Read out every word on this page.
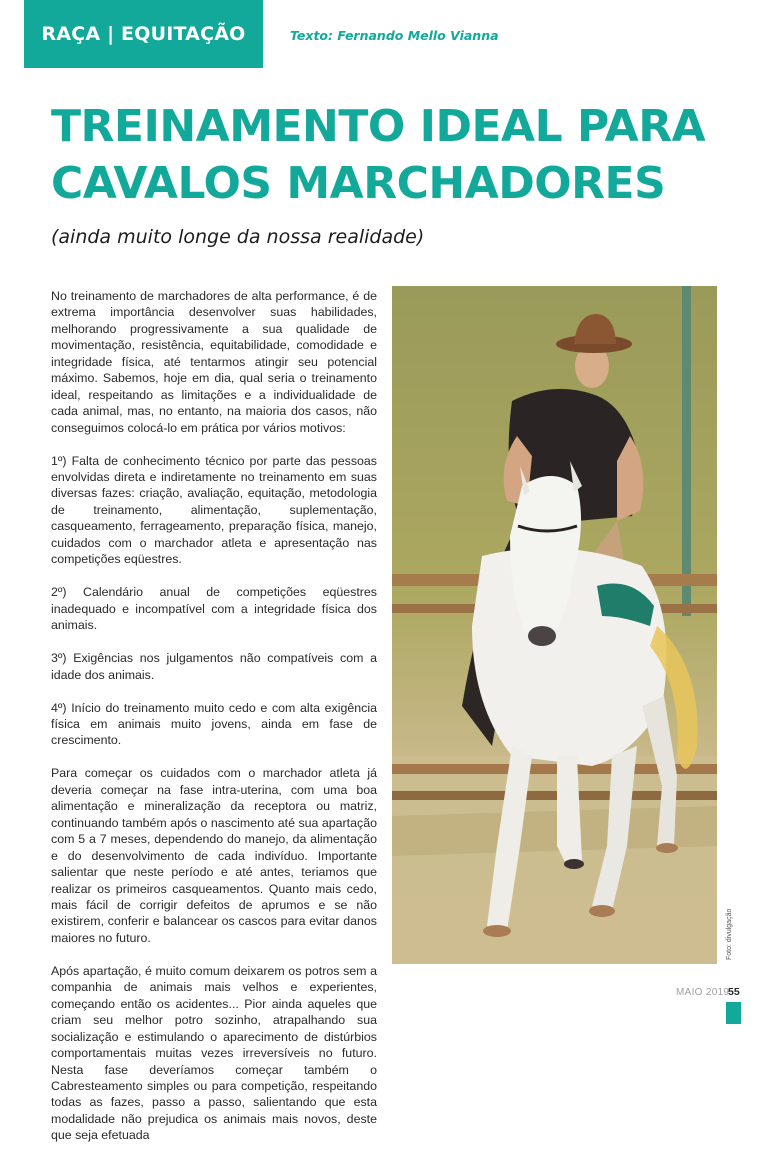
RAÇA | EQUITAÇÃO	Texto: Fernando Mello Vianna
TREINAMENTO IDEAL PARA
CAVALOS MARCHADORES
(ainda muito longe da nossa realidade)

No treinamento de marchadores de alta performance, é de extrema importância desenvolver suas habilidades, melhorando progressivamente a sua qualidade de movimentação, resistência, equitabilidade, comodidade e integridade física, até tentarmos atingir seu potencial máximo. Sabemos, hoje em dia, qual seria o treinamento ideal, respeitando as limitações e a individualidade de cada animal, mas, no entanto, na maioria dos casos, não conseguimos colocá-lo em prática por vários motivos:

1º) Falta de conhecimento técnico por parte das pessoas envolvidas direta e indiretamente no treinamento em suas diversas fazes: criação, avaliação, equitação, metodologia de treinamento, alimentação, suplementação, casqueamento, ferrageamento, preparação física, manejo, cuidados com o marchador atleta e apresentação nas competições eqüestres.

2º) Calendário anual de competições eqüestres inadequado e incompatível com a integridade física dos animais.

3º) Exigências nos julgamentos não compatíveis com a idade dos animais.

4º) Início do treinamento muito cedo e com alta exigência física em animais muito jovens, ainda em fase de crescimento.

Para começar os cuidados com o marchador atleta já deveria começar na fase intra-uterina, com uma boa alimentação e mineralização da receptora ou matriz, continuando também após o nascimento até sua apartação com 5 a 7 meses, dependendo do manejo, da alimentação e do desenvolvimento de cada indivíduo. Importante salientar que neste período e até antes, teriamos que realizar os primeiros casqueamentos. Quanto mais cedo, mais fácil de corrigir defeitos de aprumos e se não existirem, conferir e balancear os cascos para evitar danos maiores no futuro.

Após apartação, é muito comum deixarem os potros sem a companhia de animais mais velhos e experientes, começando então os acidentes... Pior ainda aqueles que criam seu melhor potro sozinho, atrapalhando sua socialização e estimulando o aparecimento de distúrbios comportamentais muitas vezes irreversíveis no futuro. Nesta fase deveríamos começar também o Cabresteamento simples ou para competição, respeitando todas as fazes, passo a passo, salientando que esta modalidade não prejudica os animais mais novos, deste que seja efetuada

Foto: divulgação
MAIO 2019
55
